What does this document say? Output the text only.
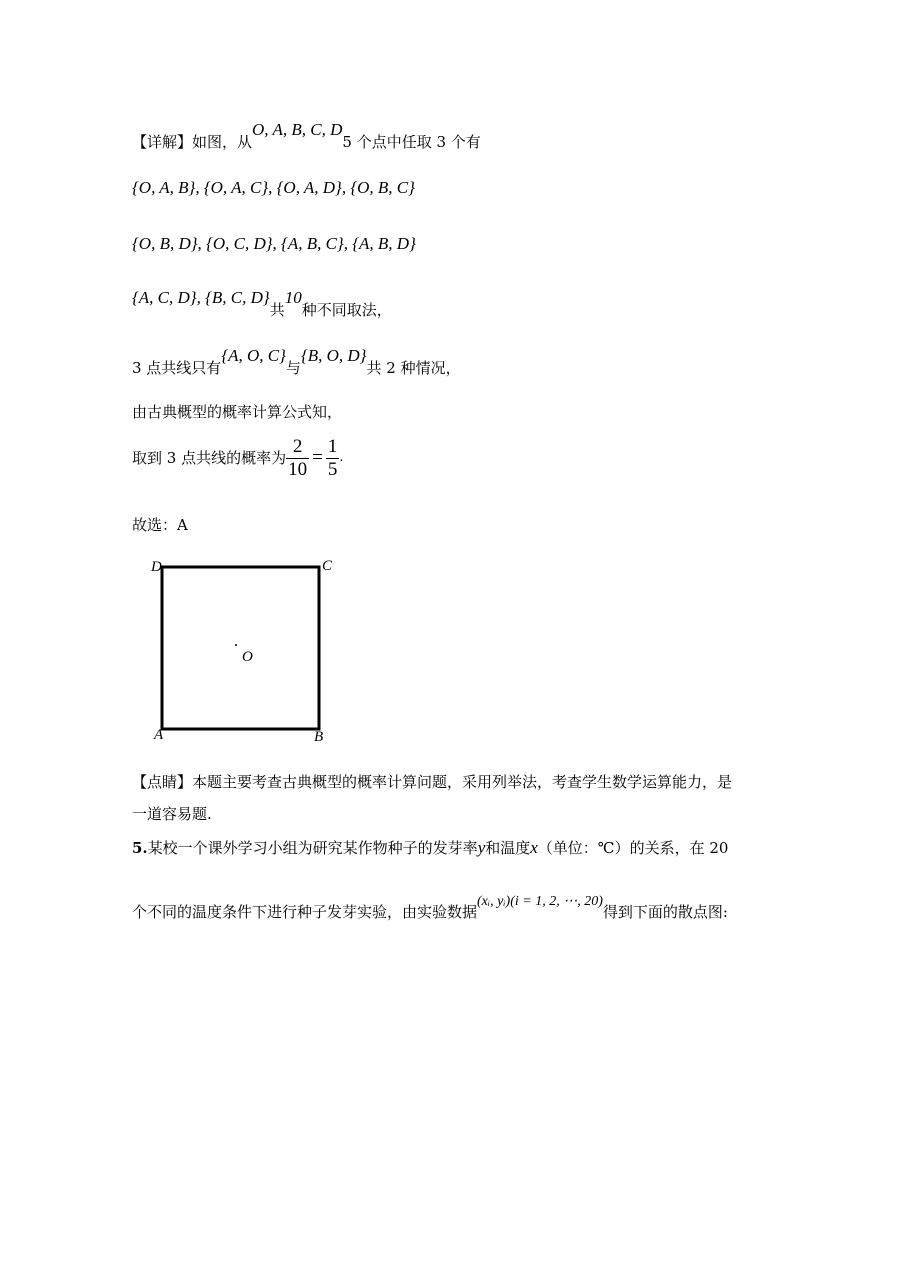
【详解】如图，从O, A, B, C, D5 个点中任取 3 个有
{O, A, B}, {O, A, C}, {O, A, D}, {O, B, C}
{O, B, D}, {O, C, D}, {A, B, C}, {A, B, D}
{A, C, D}, {B, C, D}共10种不同取法，
3 点共线只有{A, O, C}与{B, O, D}共 2 种情况，
由古典概型的概率计算公式知，
取到 3 点共线的概率为 $\frac{2}{10} = \frac{1}{5}$ .
故选：A
D	C
O
A	B
【点睛】本题主要考查古典概型的概率计算问题，采用列举法，考查学生数学运算能力，是
一道容易题.
5.某校一个课外学习小组为研究某作物种子的发芽率y和温度x（单位：℃）的关系，在 20
个不同的温度条件下进行种子发芽实验，由实验数据(xᵢ, yᵢ)(i = 1, 2, ⋯, 20)得到下面的散点图:
